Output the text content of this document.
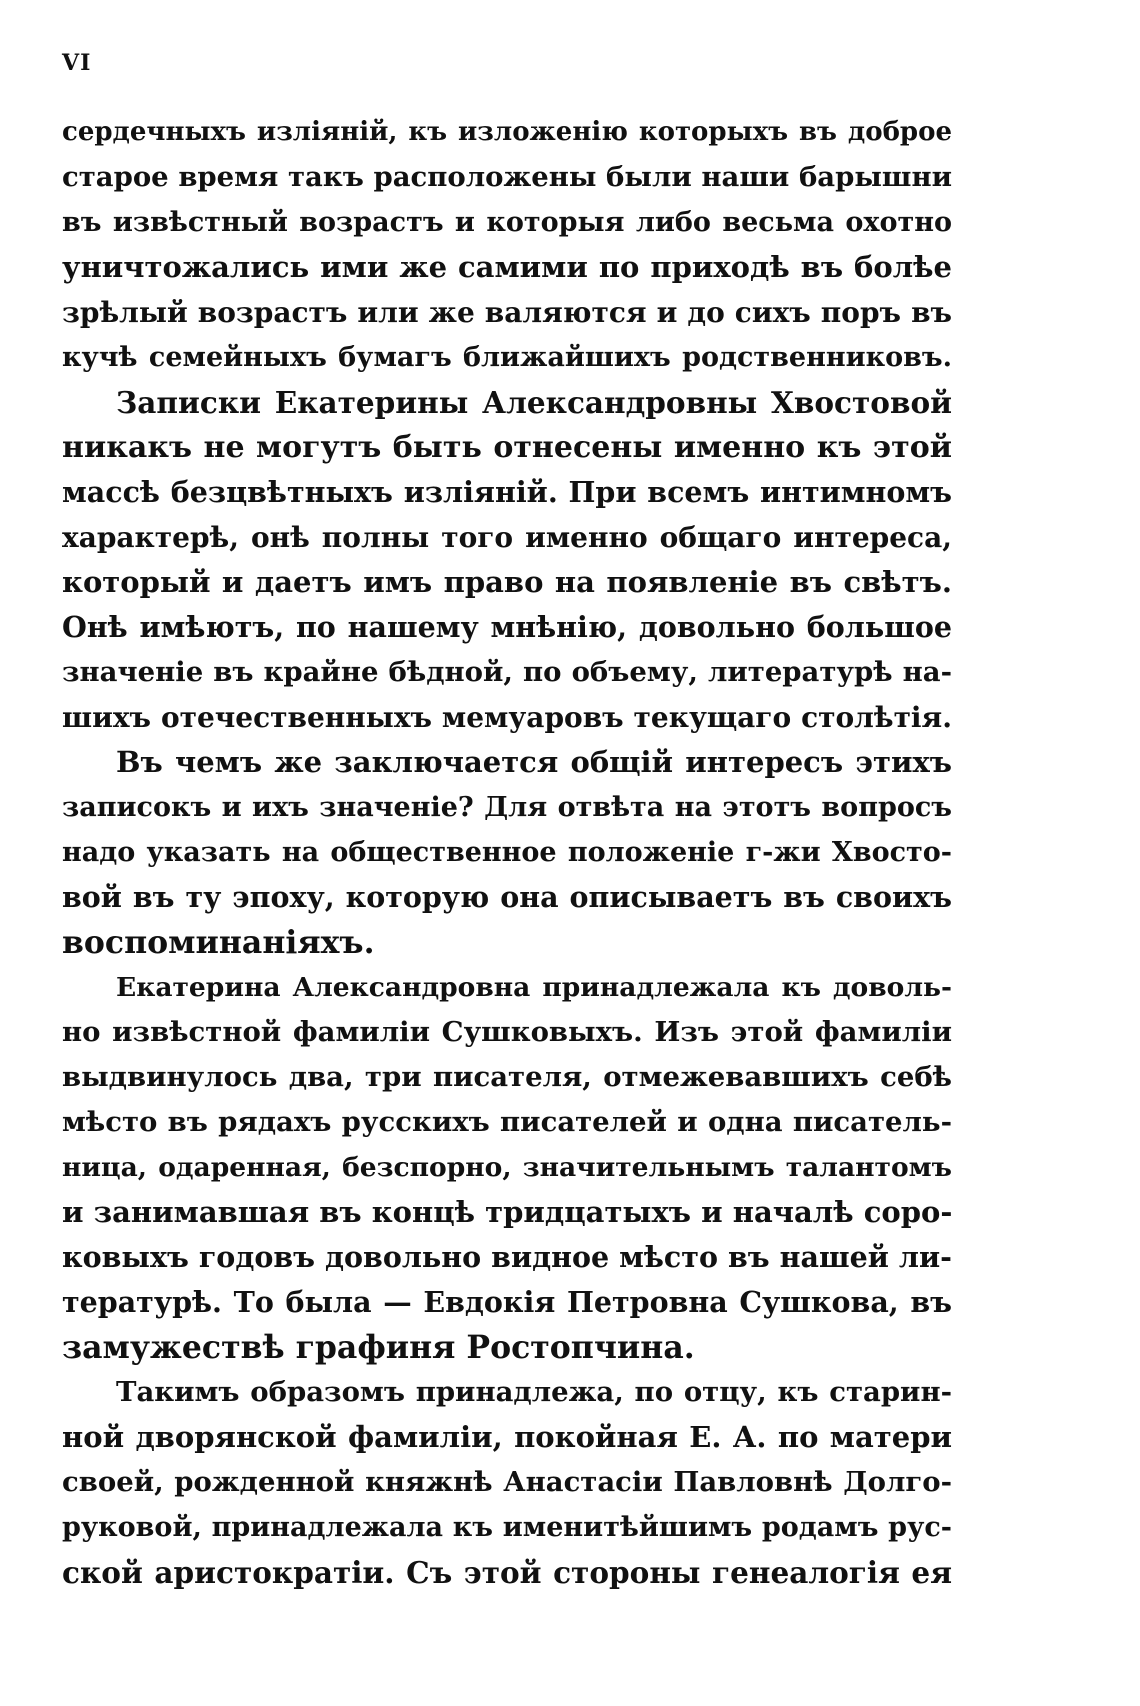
VI
сердечныхъ излiянiй, къ изложенiю которыхъ въ доброе
старое время такъ расположены были наши барышни
въ извѣстный возрастъ и которыя либо весьма охотно
уничтожались ими же самими по приходѣ въ болѣе
зрѣлый возрастъ или же валяются и до сихъ поръ въ
кучѣ семейныхъ бумагъ ближайшихъ родственниковъ.
Записки Екатерины Александровны Хвостовой
никакъ не могутъ быть отнесены именно къ этой
массѣ безцвѣтныхъ излiянiй. При всемъ интимномъ
характерѣ, онѣ полны того именно общаго интереса,
который и даетъ имъ право на появленiе въ свѣтъ.
Онѣ имѣютъ, по нашему мнѣнiю, довольно большое
значенiе въ крайне бѣдной, по объему, литературѣ на-
шихъ отечественныхъ мемуаровъ текущаго столѣтiя.
Въ чемъ же заключается общiй интересъ этихъ
записокъ и ихъ значенiе? Для отвѣта на этотъ вопросъ
надо указать на общественное положенiе г-жи Хвосто-
вой въ ту эпоху, которую она описываетъ въ своихъ
воспоминанiяхъ.
Екатерина Александровна принадлежала къ доволь-
но извѣстной фамилiи Сушковыхъ. Изъ этой фамилiи
выдвинулось два, три писателя, отмежевавшихъ себѣ
мѣсто въ рядахъ русскихъ писателей и одна писатель-
ница, одаренная, безспорно, значительнымъ талантомъ
и занимавшая въ концѣ тридцатыхъ и началѣ соро-
ковыхъ годовъ довольно видное мѣсто въ нашей ли-
тературѣ. То была — Евдокiя Петровна Сушкова, въ
замужествѣ графиня Ростопчина.
Такимъ образомъ принадлежа, по отцу, къ старин-
ной дворянской фамилiи, покойная Е. А. по матери
своей, рожденной княжнѣ Анастасiи Павловнѣ Долго-
руковой, принадлежала къ именитѣйшимъ родамъ рус-
ской аристократiи. Съ этой стороны генеалогiя ея
